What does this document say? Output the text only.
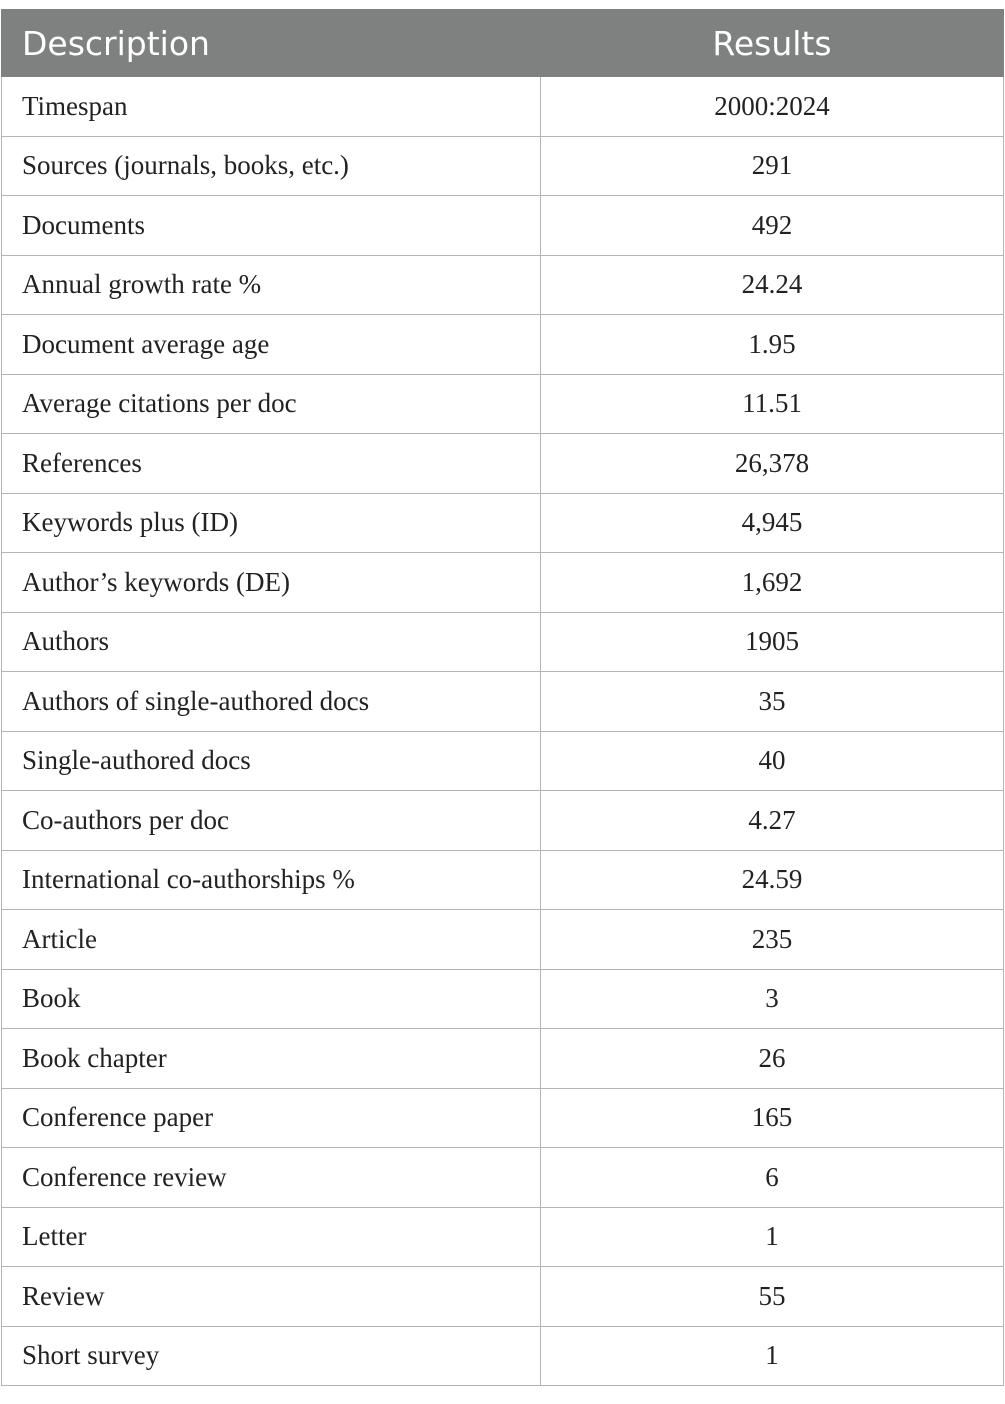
Description	Results
Timespan	2000:2024
Sources (journals, books, etc.)	291
Documents	492
Annual growth rate %	24.24
Document average age	1.95
Average citations per doc	11.51
References	26,378
Keywords plus (ID)	4,945
Author’s keywords (DE)	1,692
Authors	1905
Authors of single-authored docs	35
Single-authored docs	40
Co-authors per doc	4.27
International co-authorships %	24.59
Article	235
Book	3
Book chapter	26
Conference paper	165
Conference review	6
Letter	1
Review	55
Short survey	1
